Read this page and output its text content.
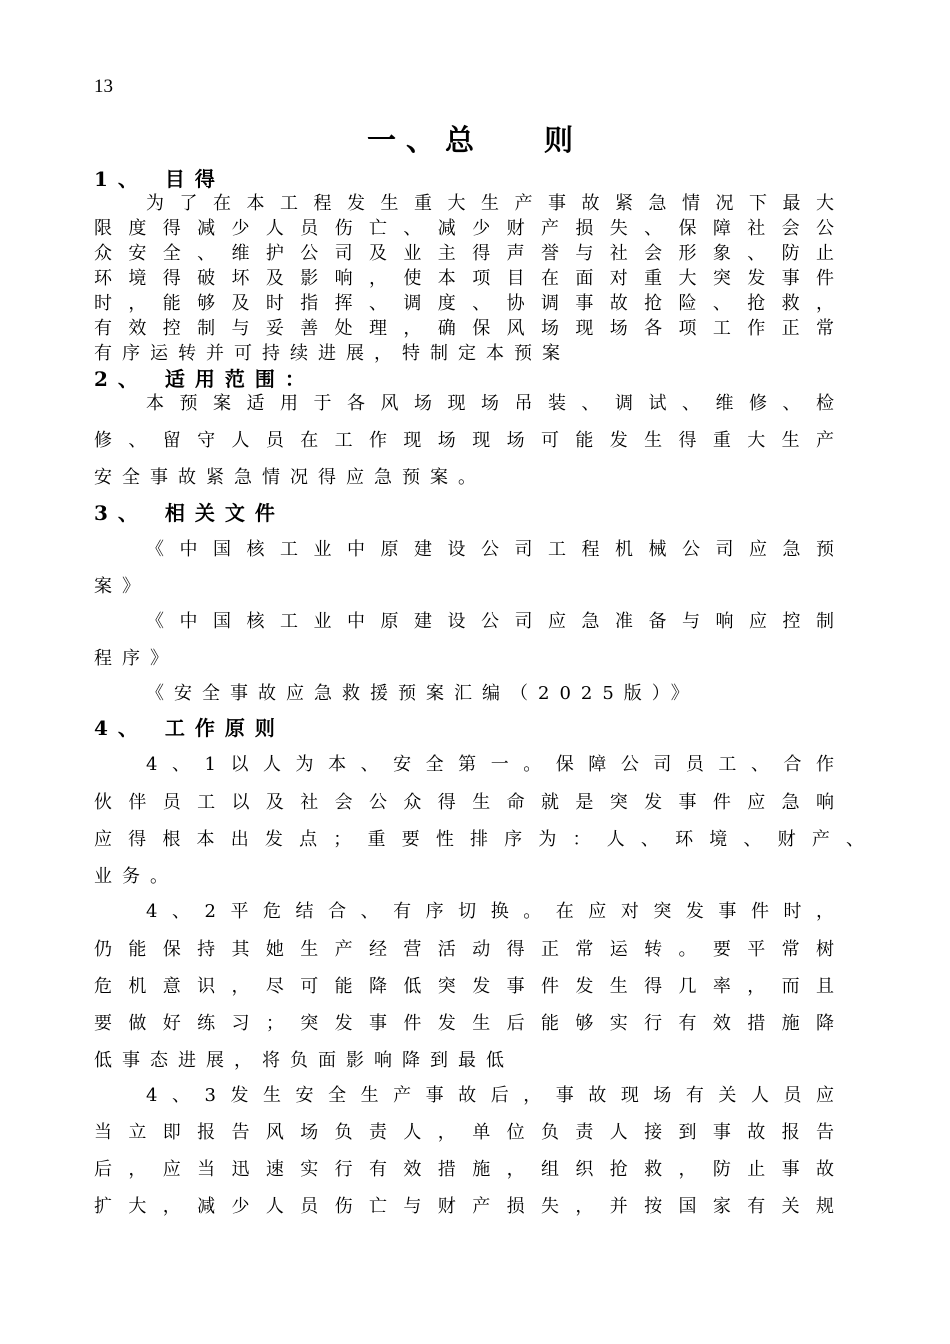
13
一、总 则
1、 目得
为了在本工程发生重大生产事故紧急情况下最大
限度得减少人员伤亡、减少财产损失、保障社会公
众安全、维护公司及业主得声誉与社会形象、防止
环境得破坏及影响，使本项目在面对重大突发事件
时，能够及时指挥、调度、协调事故抢险、抢救，
有效控制与妥善处理，确保风场现场各项工作正常
有序运转并可持续进展，特制定本预案
2、 适用范围：
本预案适用于各风场现场吊装、调试、维修、检
修、留守人员在工作现场现场可能发生得重大生产
安全事故紧急情况得应急预案。
3、 相关文件
《中国核工业中原建设公司工程机械公司应急预
案》
《中国核工业中原建设公司应急准备与响应控制
程序》
《安全事故应急救援预案汇编（2025版）》
4、 工作原则
4、1以人为本、安全第一。保障公司员工、合作
伙伴员工以及社会公众得生命就是突发事件应急响
应得根本出发点；重要性排序为：人、环境、财产、
业务。
4、2平危结合、有序切换。在应对突发事件时，
仍能保持其她生产经营活动得正常运转。要平常树
危机意识，尽可能降低突发事件发生得几率，而且
要做好练习；突发事件发生后能够实行有效措施降
低事态进展，将负面影响降到最低
4、3发生安全生产事故后，事故现场有关人员应
当立即报告风场负责人，单位负责人接到事故报告
后，应当迅速实行有效措施，组织抢救，防止事故
扩大，减少人员伤亡与财产损失，并按国家有关规
